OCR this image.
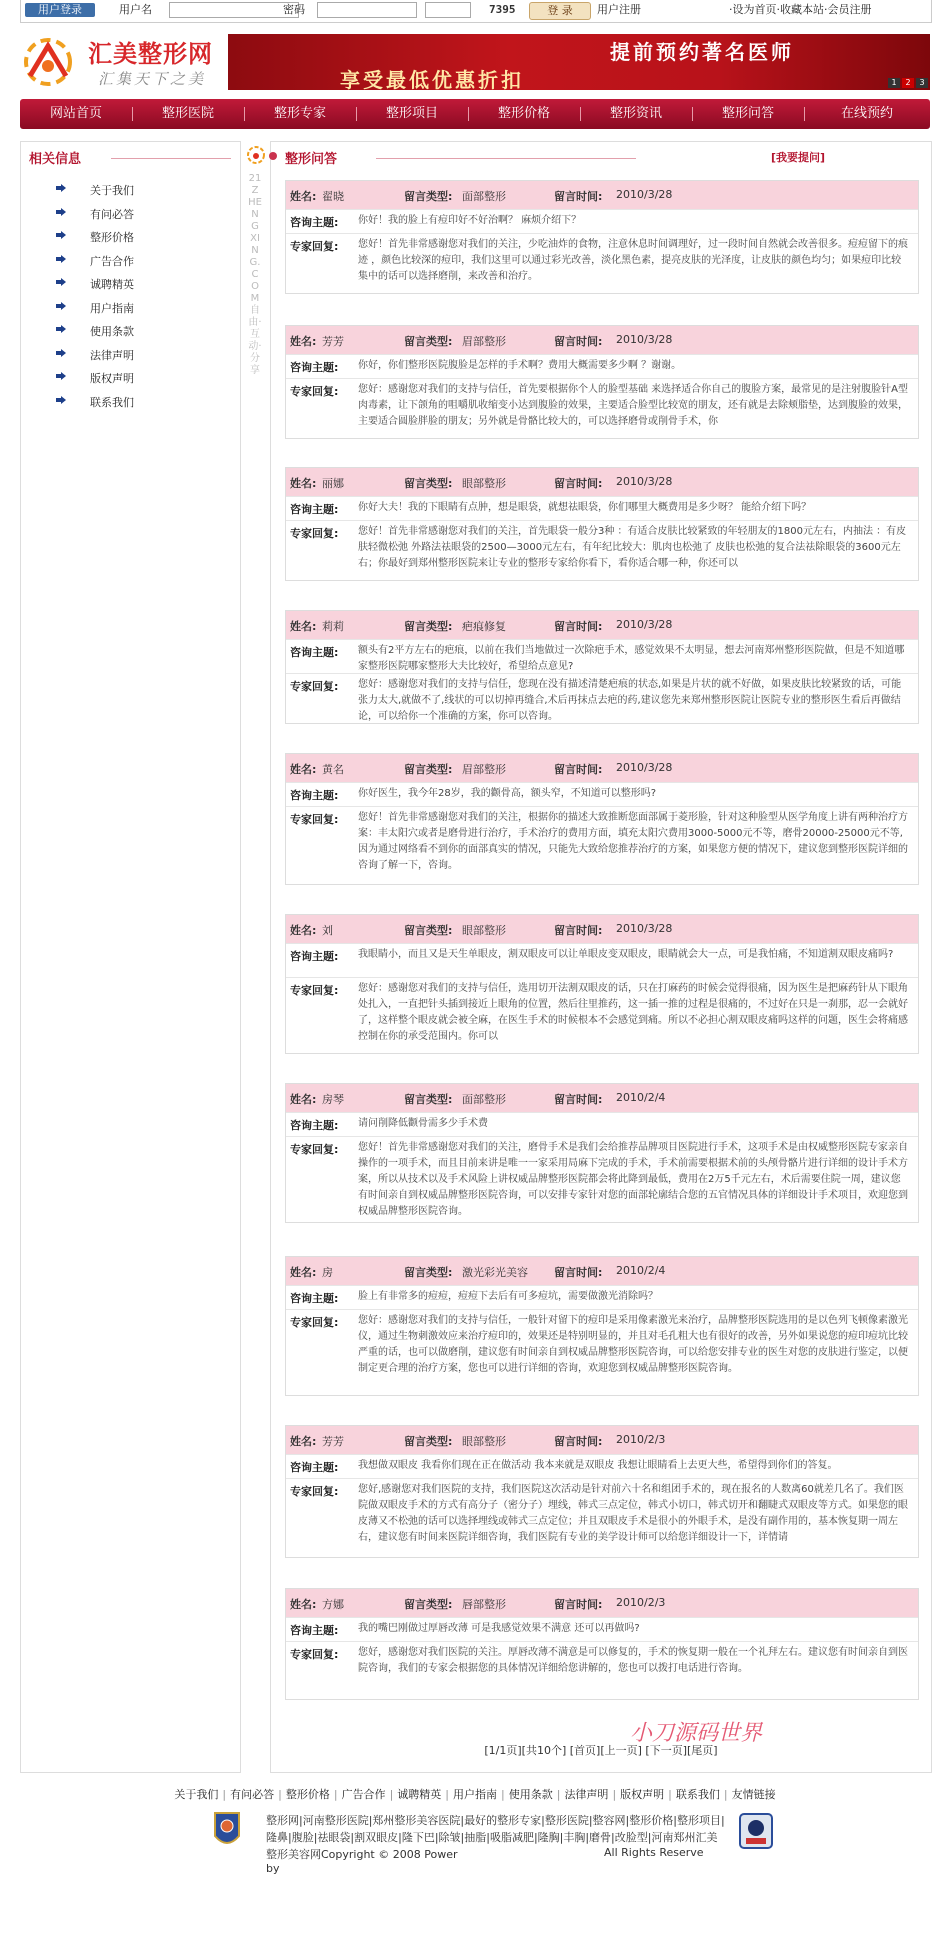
用户登录	用户名	密码	7395	登 录	用户注册	·设为首页·收藏本站·会员注册
汇美整形网
汇集天下之美
提前预约著名医师
享受最低优惠折扣	1	2	3
网站首页	整形医院	整形专家	整形项目	整形价格	整形资讯	整形问答	在线预约
相关信息
关于我们
有问必答
整形价格
广告合作
诚聘精英
用户指南
使用条款
法律声明
版权声明
联系我们
21ZHENGXING.COM 自由·互动·分享
整形问答	[我要提问]
姓名: 翟晓	留言类型: 面部整形	留言时间: 2010/3/28
咨询主题:	你好！我的脸上有痘印好不好治啊？ 麻烦介绍下？
专家回复:	您好！首先非常感谢您对我们的关注，少吃油炸的食物，注意休息时间调理好，过一段时间自然就会改善很多。痘痘留下的痕迹 ，颜色比较深的痘印，我们这里可以通过彩光改善，淡化黑色素，提亮皮肤的光泽度，让皮肤的颜色均匀；如果痘印比较集中的话可以选择磨削，来改善和治疗。
姓名: 芳芳	留言类型: 眉部整形	留言时间: 2010/3/28
咨询主题:	你好，你们整形医院腹脸是怎样的手术啊？费用大概需要多少啊 ？谢谢。
专家回复:	您好：感谢您对我们的支持与信任，首先要根据你个人的脸型基础 来选择适合你自己的腹脸方案，最常见的是注射腹脸针A型肉毒素，让下颌角的咀嚼肌收缩变小达到腹脸的效果，主要适合脸型比较宽的朋友，还有就是去除颊脂垫，达到腹脸的效果，主要适合圆脸胖脸的朋友；另外就是骨骼比较大的，可以选择磨骨或削骨手术，你
姓名: 丽娜	留言类型: 眼部整形	留言时间: 2010/3/28
咨询主题:	你好大夫！我的下眼睛有点肿，想是眼袋，就想祛眼袋，你们哪里大概费用是多少呀？ 能给介绍下吗？
专家回复:	您好！首先非常感谢您对我们的关注，首先眼袋一般分3种 ：有适合皮肤比较紧致的年轻朋友的1800元左右，内抽法 ：有皮肤轻微松弛 外路法祛眼袋的2500—3000元左右，有年纪比较大：肌肉也松弛了 皮肤也松弛的复合法祛除眼袋的3600元左右；你最好到郑州整形医院来让专业的整形专家给你看下，看你适合哪一种，你还可以
姓名: 莉莉	留言类型: 疤痕修复	留言时间: 2010/3/28
咨询主题:	额头有2平方左右的疤痕，以前在我们当地做过一次除疤手术，感觉效果不太明显，想去河南郑州整形医院做，但是不知道哪家整形医院哪家整形大夫比较好，希望给点意见?
专家回复:	您好：感谢您对我们的支持与信任，您现在没有描述清楚疤痕的状态,如果是片状的就不好做，如果皮肤比较紧致的话，可能张力太大,就做不了,线状的可以切掉再缝合,术后再抹点去疤的药,建议您先来郑州整形医院让医院专业的整形医生看后再做结论，可以给你一个准确的方案，你可以咨询。
姓名: 黄名	留言类型: 眉部整形	留言时间: 2010/3/28
咨询主题:	你好医生，我今年28岁，我的颧骨高，额头窄，不知道可以整形吗?
专家回复:	您好！首先非常感谢您对我们的关注，根据你的描述大致推断您面部属于菱形脸，针对这种脸型从医学角度上讲有两种治疗方案：丰太阳穴或者是磨骨进行治疗，手术治疗的费用方面，填充太阳穴费用3000-5000元不等，磨骨20000-25000元不等,因为通过网络看不到你的面部真实的情况，只能先大致给您推荐治疗的方案，如果您方便的情况下，建议您到整形医院详细的咨询了解一下，咨询。
姓名: 刘	留言类型: 眼部整形	留言时间: 2010/3/28
咨询主题:	我眼睛小，而且又是天生单眼皮，割双眼皮可以让单眼皮变双眼皮，眼睛就会大一点，可是我怕痛，不知道割双眼皮痛吗?
专家回复:	您好：感谢您对我们的支持与信任，选用切开法割双眼皮的话，只在打麻药的时候会觉得很痛，因为医生是把麻药针从下眼角处扎入，一直把针头插到接近上眼角的位置，然后往里推药，这一插一推的过程是很痛的，不过好在只是一刹那，忍一会就好了，这样整个眼皮就会被全麻，在医生手术的时候根本不会感觉到痛。所以不必担心割双眼皮痛吗这样的问题，医生会将痛感控制在你的承受范围内。你可以
姓名: 房琴	留言类型: 面部整形	留言时间: 2010/2/4
咨询主题:	请问削降低颧骨需多少手术费
专家回复:	您好！首先非常感谢您对我们的关注，磨骨手术是我们会给推荐品牌项目医院进行手术，这项手术是由权威整形医院专家亲自操作的一项手术，而且目前来讲是唯一一家采用局麻下完成的手术，手术前需要根据术前的头颅骨骼片进行详细的设计手术方案，所以从技术以及手术风险上讲权威品牌整形医院都会将此降到最低，费用在2万5千元左右，术后需要住院一周，建议您有时间亲自到权威品牌整形医院咨询，可以安排专家针对您的面部轮廓结合您的五官情况具体的详细设计手术项目，欢迎您到权威品牌整形医院咨询。
姓名: 房	留言类型: 激光彩光美容 留言时间: 2010/2/4
咨询主题:	脸上有非常多的痘痘，痘痘下去后有可多痘坑，需要做激光消除吗？
专家回复:	您好：感谢您对我们的支持与信任，一般针对留下的痘印是采用像素激光来治疗，品牌整形医院选用的是以色列飞顿像素激光仪，通过生物刺激效应来治疗痘印的，效果还是特别明显的，并且对毛孔粗大也有很好的改善，另外如果说您的痘印痘坑比较严重的话，也可以做磨削，建议您有时间亲自到权威品牌整形医院咨询，可以给您安排专业的医生对您的皮肤进行鉴定，以便制定更合理的治疗方案，您也可以进行详细的咨询，欢迎您到权威品牌整形医院咨询。
姓名: 芳芳	留言类型: 眼部整形	留言时间: 2010/2/3
咨询主题:	我想做双眼皮 我看你们现在正在做活动 我本来就是双眼皮 我想让眼睛看上去更大些，希望得到你们的答复。
专家回复:	您好,感谢您对我们医院的支持，我们医院这次活动是针对前六十名和组团手术的，现在报名的人数离60就差几名了。我们医院做双眼皮手术的方式有高分子（密分子）埋线，韩式三点定位，韩式小切口，韩式切开和翻睫式双眼皮等方式。如果您的眼皮薄又不松弛的话可以选择埋线或韩式三点定位；并且双眼皮手术是很小的外眼手术，是没有副作用的，基本恢复期一周左右，建议您有时间来医院详细咨询，我们医院有专业的美学设计师可以给您详细设计一下，详情请
姓名: 方娜	留言类型: 唇部整形	留言时间: 2010/2/3
咨询主题:	我的嘴巴刚做过厚唇改薄 可是我感觉效果不满意 还可以再做吗?
专家回复:	您好，感谢您对我们医院的关注。厚唇改薄不满意是可以修复的，手术的恢复期一般在一个礼拜左右。建议您有时间亲自到医院咨询，我们的专家会根据您的具体情况详细给您讲解的，您也可以拨打电话进行咨询。
[1/1页][共10个] [首页][上一页] [下一页][尾页]
小刀源码世界
关于我们 | 有问必答 | 整形价格 | 广告合作 | 诚聘精英 | 用户指南 | 使用条款 | 法律声明 | 版权声明 | 联系我们 | 友情链接
整形网|河南整形医院|郑州整形美容医院|最好的整形专家|整形医院|整容网|整形价格|整形项目|
隆鼻|腹脸|祛眼袋|割双眼皮|隆下巴|除皱|抽脂|吸脂减肥|隆胸|丰胸|磨骨|改脸型|河南郑州汇美
整形美容网Copyright © 2008 Power by
All Rights Reserve
